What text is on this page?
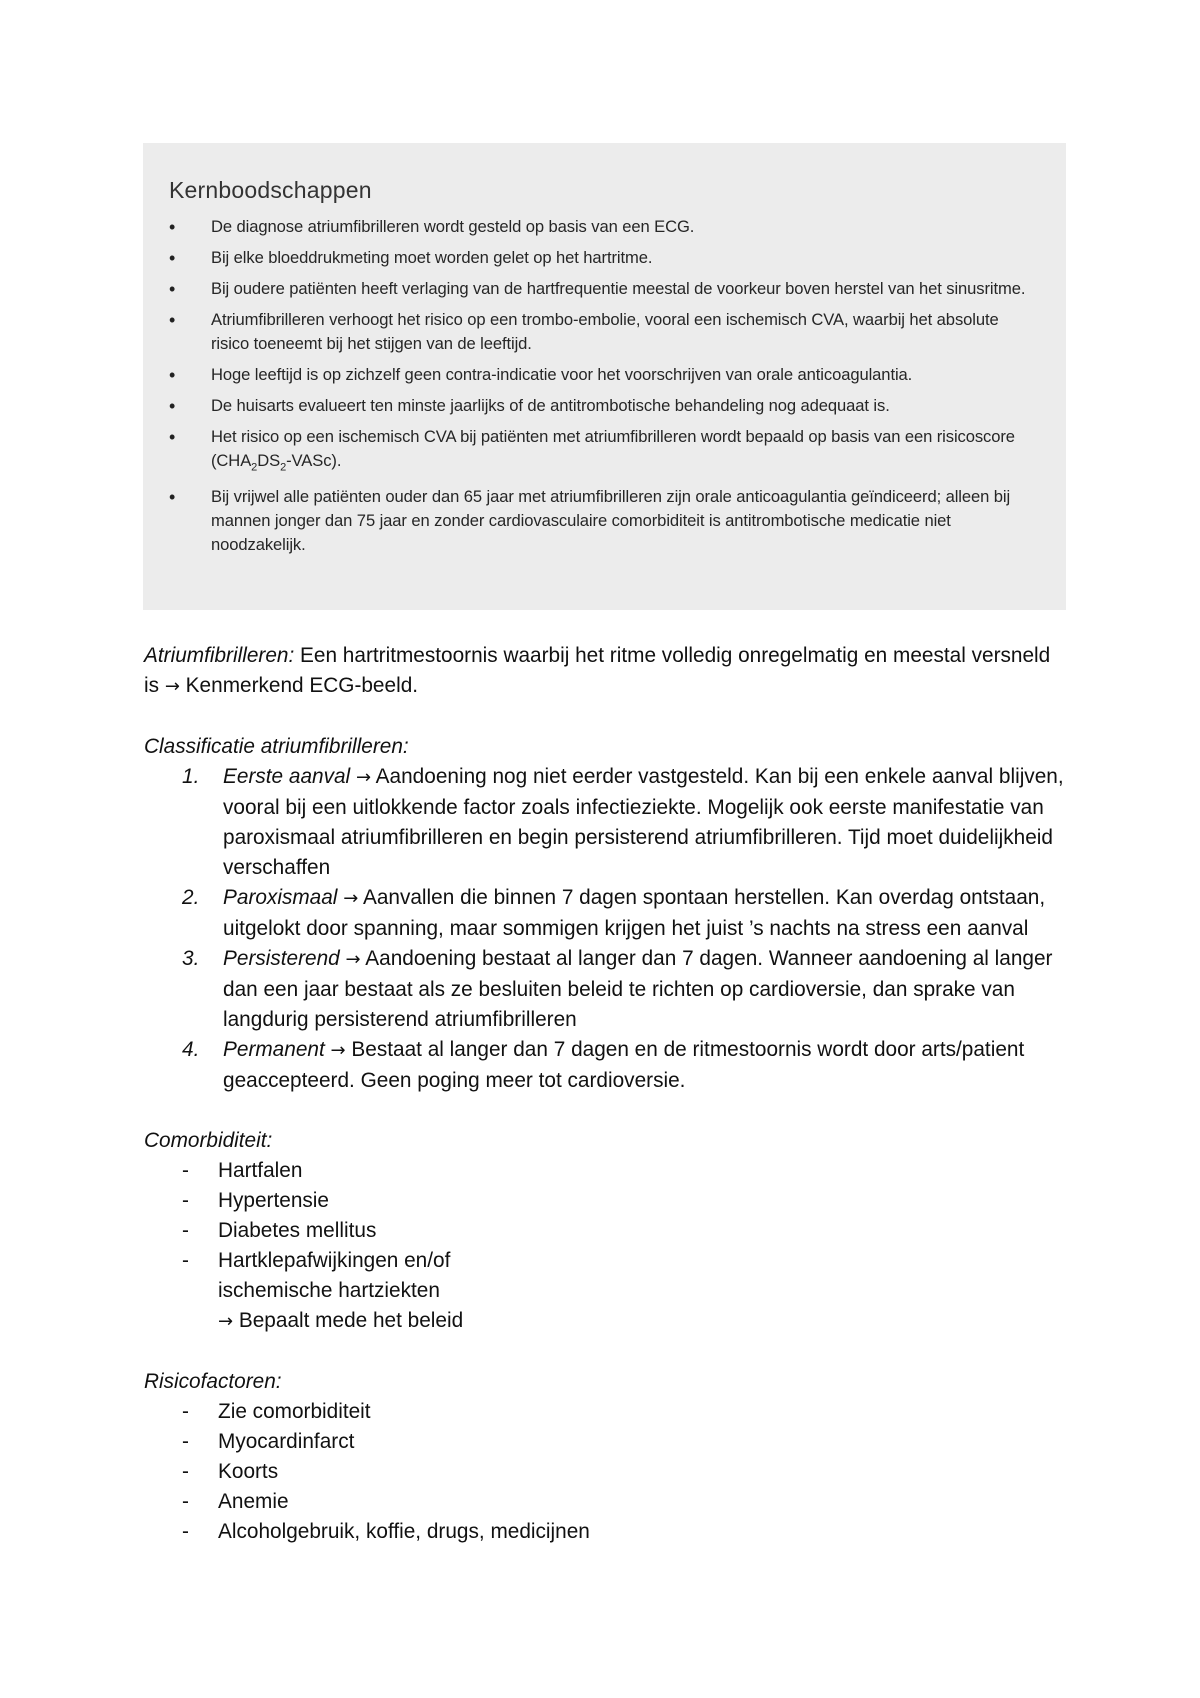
Kernboodschappen
• De diagnose atriumfibrilleren wordt gesteld op basis van een ECG.
• Bij elke bloeddrukmeting moet worden gelet op het hartritme.
• Bij oudere patiënten heeft verlaging van de hartfrequentie meestal de voorkeur boven herstel van het sinusritme.
• Atriumfibrilleren verhoogt het risico op een trombo-embolie, vooral een ischemisch CVA, waarbij het absolute risico toeneemt bij het stijgen van de leeftijd.
• Hoge leeftijd is op zichzelf geen contra-indicatie voor het voorschrijven van orale anticoagulantia.
• De huisarts evalueert ten minste jaarlijks of de antitrombotische behandeling nog adequaat is.
• Het risico op een ischemisch CVA bij patiënten met atriumfibrilleren wordt bepaald op basis van een risicoscore $(CHA_2DS_2-VASc)$.
• Bij vrijwel alle patiënten ouder dan 65 jaar met atriumfibrilleren zijn orale anticoagulantia geïndiceerd; alleen bij mannen jonger dan 75 jaar en zonder cardiovasculaire comorbiditeit is antitrombotische medicatie niet noodzakelijk.

Atriumfibrilleren: Een hartritmestoornis waarbij het ritme volledig onregelmatig en meestal versneld is → Kenmerkend ECG-beeld.

Classificatie atriumfibrilleren:

1. Eerste aanval → Aandoening nog niet eerder vastgesteld. Kan bij een enkele aanval blijven, vooral bij een uitlokkende factor zoals infectieziekte. Mogelijk ook eerste manifestatie van paroxismaal atriumfibrilleren en begin persisterend atriumfibrilleren. Tijd moet duidelijkheid verschaffen
2. Paroxismaal → Aanvallen die binnen 7 dagen spontaan herstellen. Kan overdag ontstaan, uitgelokt door spanning, maar sommigen krijgen het juist ’s nachts na stress een aanval
3. Persisterend → Aandoening bestaat al langer dan 7 dagen. Wanneer aandoening al langer dan een jaar bestaat als ze besluiten beleid te richten op cardioversie, dan sprake van langdurig persisterend atriumfibrilleren
4. Permanent → Bestaat al langer dan 7 dagen en de ritmestoornis wordt door arts/patient geaccepteerd. Geen poging meer tot cardioversie.

Comorbiditeit:

- Hartfalen
- Hypertensie
- Diabetes mellitus
- Hartklepafwijkingen en/of
ischemische hartziekten
→ Bepaalt mede het beleid

Risicofactoren:

- Zie comorbiditeit
- Myocardinfarct
- Koorts
- Anemie
- Alcoholgebruik, koffie, drugs, medicijnen
